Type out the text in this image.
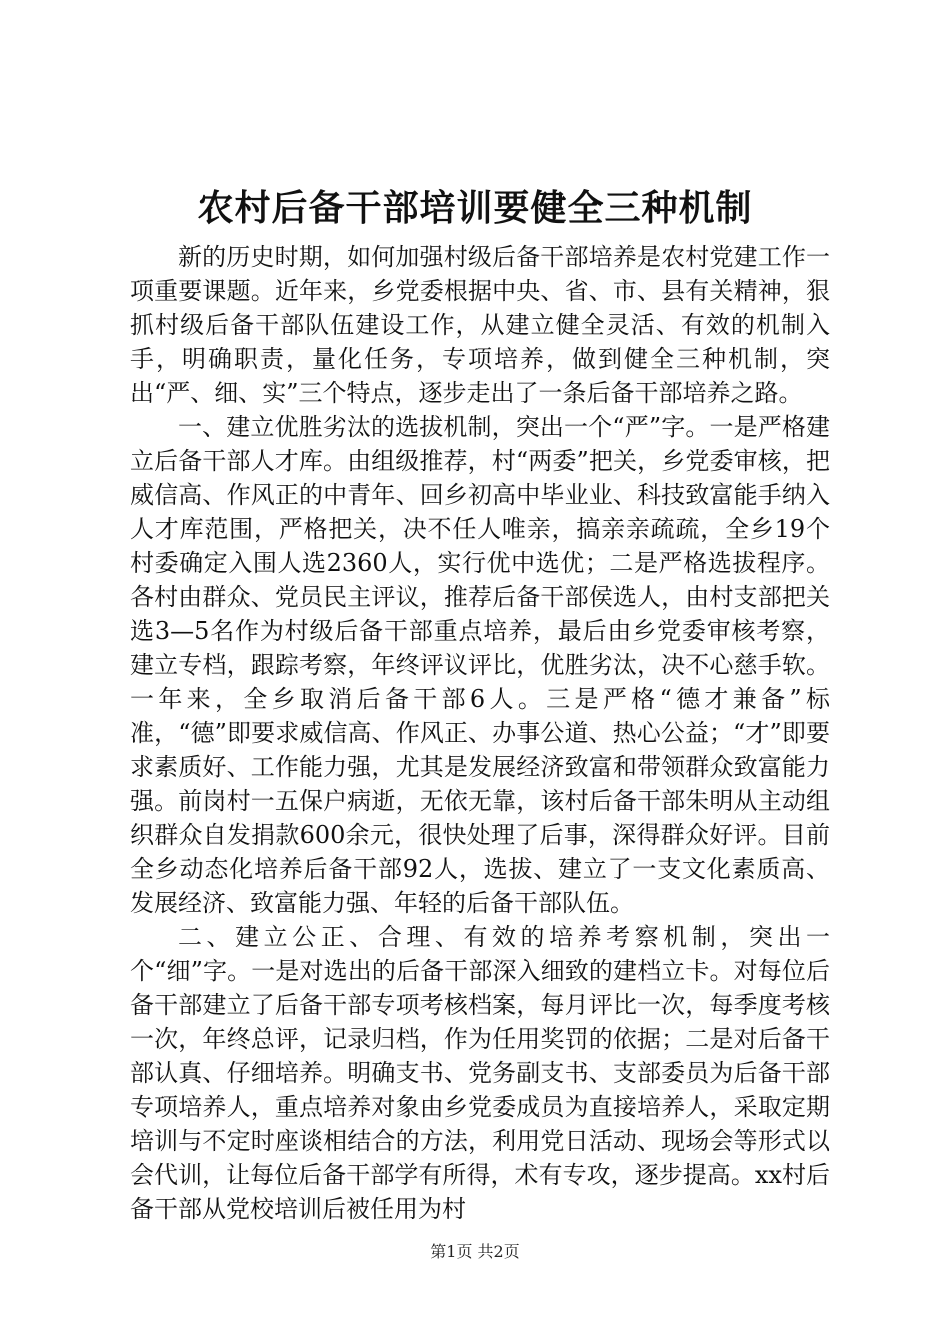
农村后备干部培训要健全三种机制

新的历史时期，如何加强村级后备干部培养是农村党建工作一项重要课题。近年来，乡党委根据中央、省、市、县有关精神，狠抓村级后备干部队伍建设工作，从建立健全灵活、有效的机制入手，明确职责，量化任务，专项培养，做到健全三种机制，突出“严、细、实”三个特点，逐步走出了一条后备干部培养之路。

一、建立优胜劣汰的选拔机制，突出一个“严”字。一是严格建立后备干部人才库。由组级推荐，村“两委”把关，乡党委审核，把威信高、作风正的中青年、回乡初高中毕业业、科技致富能手纳入人才库范围，严格把关，决不任人唯亲，搞亲亲疏疏，全乡19个村委确定入围人选2360人，实行优中选优；二是严格选拔程序。各村由群众、党员民主评议，推荐后备干部侯选人，由村支部把关选3—5名作为村级后备干部重点培养，最后由乡党委审核考察，建立专档，跟踪考察，年终评议评比，优胜劣汰，决不心慈手软。一年来，全乡取消后备干部6人。三是严格“德才兼备”标准，“德”即要求威信高、作风正、办事公道、热心公益；“才”即要求素质好、工作能力强，尤其是发展经济致富和带领群众致富能力强。前岗村一五保户病逝，无依无靠，该村后备干部朱明从主动组织群众自发捐款600余元，很快处理了后事，深得群众好评。目前全乡动态化培养后备干部92人，选拔、建立了一支文化素质高、发展经济、致富能力强、年轻的后备干部队伍。

二、建立公正、合理、有效的培养考察机制，突出一个“细”字。一是对选出的后备干部深入细致的建档立卡。对每位后备干部建立了后备干部专项考核档案，每月评比一次，每季度考核一次，年终总评，记录归档，作为任用奖罚的依据；二是对后备干部认真、仔细培养。明确支书、党务副支书、支部委员为后备干部专项培养人，重点培养对象由乡党委成员为直接培养人，采取定期培训与不定时座谈相结合的方法，利用党日活动、现场会等形式以会代训，让每位后备干部学有所得，术有专攻，逐步提高。xx村后备干部从党校培训后被任用为村

第1页 共2页
